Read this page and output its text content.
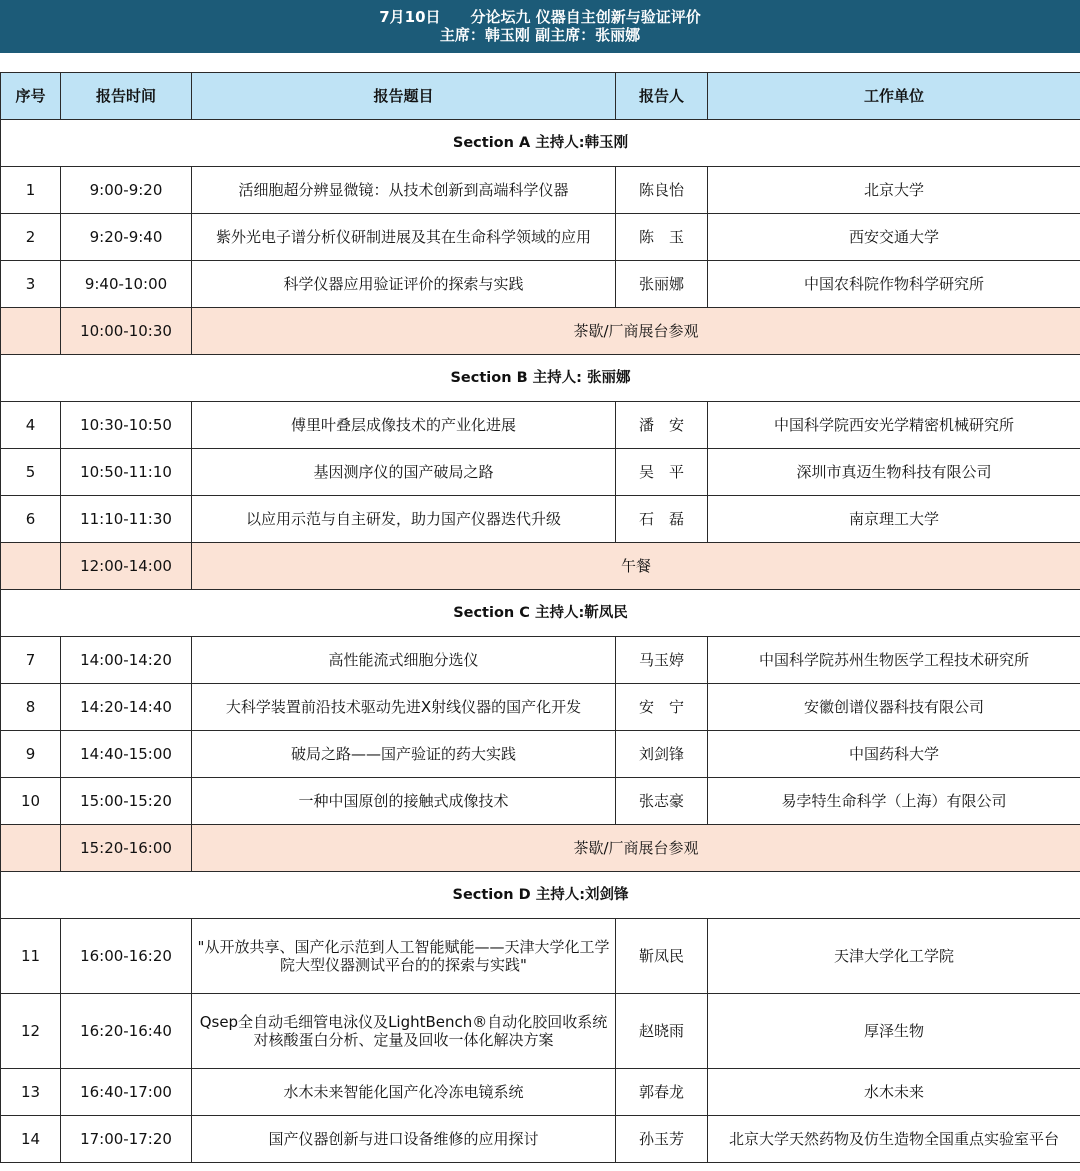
7月10日　　分论坛九 仪器自主创新与验证评价
主席：韩玉刚 副主席：张丽娜
序号	报告时间	报告题目	报告人	工作单位
Section A 主持人:韩玉刚				
1	9:00-9:20	活细胞超分辨显微镜：从技术创新到高端科学仪器	陈良怡	北京大学
2	9:20-9:40	紫外光电子谱分析仪研制进展及其在生命科学领域的应用	陈　玉	西安交通大学
3	9:40-10:00	科学仪器应用验证评价的探索与实践	张丽娜	中国农科院作物科学研究所
	10:00-10:30	茶歇/厂商展台参观		
Section B 主持人: 张丽娜				
4	10:30-10:50	傅里叶叠层成像技术的产业化进展	潘　安	中国科学院西安光学精密机械研究所
5	10:50-11:10	基因测序仪的国产破局之路	吴　平	深圳市真迈生物科技有限公司
6	11:10-11:30	以应用示范与自主研发，助力国产仪器迭代升级	石　磊	南京理工大学
	12:00-14:00	午餐		
Section C 主持人:靳凤民				
7	14:00-14:20	高性能流式细胞分选仪	马玉婷	中国科学院苏州生物医学工程技术研究所
8	14:20-14:40	大科学装置前沿技术驱动先进X射线仪器的国产化开发	安　宁	安徽创谱仪器科技有限公司
9	14:40-15:00	破局之路——国产验证的药大实践	刘剑锋	中国药科大学
10	15:00-15:20	一种中国原创的接触式成像技术	张志豪	易孛特生命科学（上海）有限公司
	15:20-16:00	茶歇/厂商展台参观		
Section D 主持人:刘剑锋				
11	16:00-16:20	"从开放共享、国产化示范到人工智能赋能——天津大学化工学院大型仪器测试平台的的探索与实践"	靳凤民	天津大学化工学院
12	16:20-16:40	Qsep全自动毛细管电泳仪及LightBench®自动化胶回收系统对核酸蛋白分析、定量及回收一体化解决方案	赵晓雨	厚泽生物
13	16:40-17:00	水木未来智能化国产化冷冻电镜系统	郭春龙	水木未来
14	17:00-17:20	国产仪器创新与进口设备维修的应用探讨	孙玉芳	北京大学天然药物及仿生造物全国重点实验室平台
